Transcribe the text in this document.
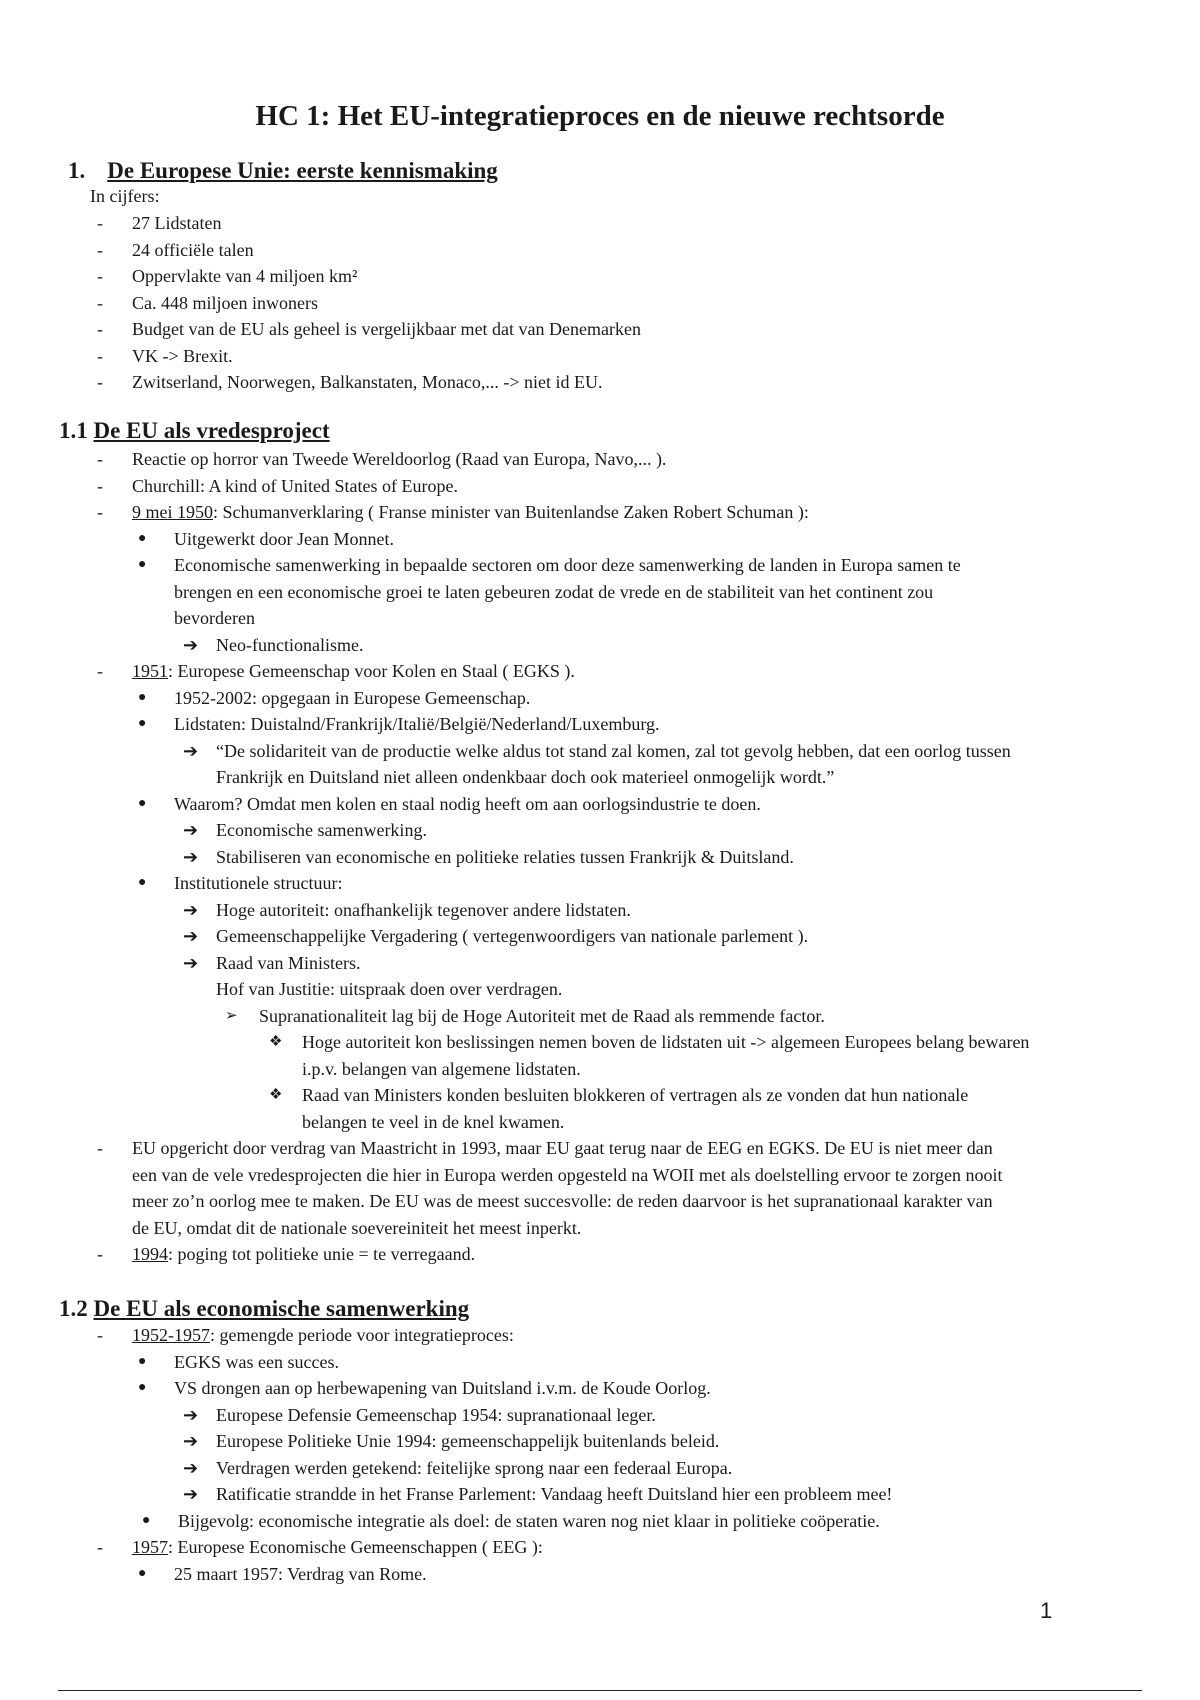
HC 1: Het EU-integratieproces en de nieuwe rechtsorde
1. De Europese Unie: eerste kennismaking

In cijfers:

- 27 Lidstaten
- 24 officiële talen
- Oppervlakte van 4 miljoen km²
- Ca. 448 miljoen inwoners
- Budget van de EU als geheel is vergelijkbaar met dat van Denemarken
- VK -> Brexit.
- Zwitserland, Noorwegen, Balkanstaten, Monaco,... -> niet id EU.
1.1 De EU als vredesproject
- Reactie op horror van Tweede Wereldoorlog (Raad van Europa, Navo,... ).
- Churchill: A kind of United States of Europe.
- 9 mei 1950: Schumanverklaring ( Franse minister van Buitenlandse Zaken Robert Schuman ):
● Uitgewerkt door Jean Monnet.
● Economische samenwerking in bepaalde sectoren om door deze samenwerking de landen in Europa samen te
brengen en een economische groei te laten gebeuren zodat de vrede en de stabiliteit van het continent zou
bevorderen
➔ Neo-functionalisme.
- 1951: Europese Gemeenschap voor Kolen en Staal ( EGKS ).
● 1952-2002: opgegaan in Europese Gemeenschap.
● Lidstaten: Duistalnd/Frankrijk/Italië/België/Nederland/Luxemburg.
➔ “De solidariteit van de productie welke aldus tot stand zal komen, zal tot gevolg hebben, dat een oorlog tussen
Frankrijk en Duitsland niet alleen ondenkbaar doch ook materieel onmogelijk wordt.”
● Waarom? Omdat men kolen en staal nodig heeft om aan oorlogsindustrie te doen.
➔ Economische samenwerking.
➔ Stabiliseren van economische en politieke relaties tussen Frankrijk & Duitsland.
● Institutionele structuur:
➔ Hoge autoriteit: onafhankelijk tegenover andere lidstaten.
➔ Gemeenschappelijke Vergadering ( vertegenwoordigers van nationale parlement ).
➔ Raad van Ministers.
Hof van Justitie: uitspraak doen over verdragen.
➢ Supranationaliteit lag bij de Hoge Autoriteit met de Raad als remmende factor.
❖ Hoge autoriteit kon beslissingen nemen boven de lidstaten uit -> algemeen Europees belang bewaren
i.p.v. belangen van algemene lidstaten.
❖ Raad van Ministers konden besluiten blokkeren of vertragen als ze vonden dat hun nationale
belangen te veel in de knel kwamen.
- EU opgericht door verdrag van Maastricht in 1993, maar EU gaat terug naar de EEG en EGKS. De EU is niet meer dan
een van de vele vredesprojecten die hier in Europa werden opgesteld na WOII met als doelstelling ervoor te zorgen nooit
meer zo’n oorlog mee te maken. De EU was de meest succesvolle: de reden daarvoor is het supranationaal karakter van
de EU, omdat dit de nationale soevereiniteit het meest inperkt.
- 1994: poging tot politieke unie = te verregaand.
1.2 De EU als economische samenwerking
- 1952-1957: gemengde periode voor integratieproces:
● EGKS was een succes.
● VS drongen aan op herbewapening van Duitsland i.v.m. de Koude Oorlog.
➔ Europese Defensie Gemeenschap 1954: supranationaal leger.
➔ Europese Politieke Unie 1994: gemeenschappelijk buitenlands beleid.
➔ Verdragen werden getekend: feitelijke sprong naar een federaal Europa.
➔ Ratificatie strandde in het Franse Parlement: Vandaag heeft Duitsland hier een probleem mee!
● Bijgevolg: economische integratie als doel: de staten waren nog niet klaar in politieke coöperatie.
- 1957: Europese Economische Gemeenschappen ( EEG ):
● 25 maart 1957: Verdrag van Rome.
1
